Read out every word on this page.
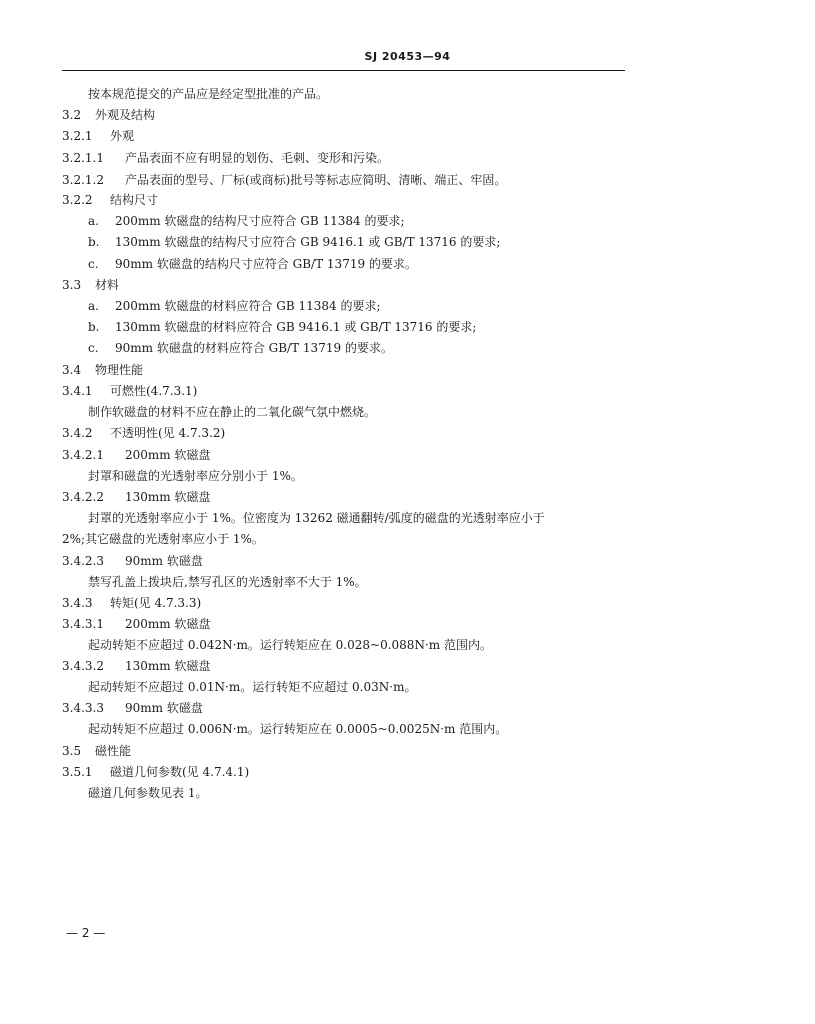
SJ 20453—94
按本规范提交的产品应是经定型批准的产品。
3.2 外观及结构
3.2.1 外观
3.2.1.1 产品表面不应有明显的划伤、毛刺、变形和污染。
3.2.1.2 产品表面的型号、厂标(或商标)批号等标志应简明、清晰、端正、牢固。
3.2.2 结构尺寸
a. 200mm 软磁盘的结构尺寸应符合 GB 11384 的要求;
b. 130mm 软磁盘的结构尺寸应符合 GB 9416.1 或 GB/T 13716 的要求;
c. 90mm 软磁盘的结构尺寸应符合 GB/T 13719 的要求。
3.3 材料
a. 200mm 软磁盘的材料应符合 GB 11384 的要求;
b. 130mm 软磁盘的材料应符合 GB 9416.1 或 GB/T 13716 的要求;
c. 90mm 软磁盘的材料应符合 GB/T 13719 的要求。
3.4 物理性能
3.4.1 可燃性(4.7.3.1)
制作软磁盘的材料不应在静止的二氧化碳气氛中燃烧。
3.4.2 不透明性(见 4.7.3.2)
3.4.2.1 200mm 软磁盘
封罩和磁盘的光透射率应分别小于 1%。
3.4.2.2 130mm 软磁盘
封罩的光透射率应小于 1%。位密度为 13262 磁通翻转/弧度的磁盘的光透射率应小于
2%;其它磁盘的光透射率应小于 1%。
3.4.2.3 90mm 软磁盘
禁写孔盖上拨块后,禁写孔区的光透射率不大于 1%。
3.4.3 转矩(见 4.7.3.3)
3.4.3.1 200mm 软磁盘
起动转矩不应超过 0.042N·m。运行转矩应在 0.028~0.088N·m 范围内。
3.4.3.2 130mm 软磁盘
起动转矩不应超过 0.01N·m。运行转矩不应超过 0.03N·m。
3.4.3.3 90mm 软磁盘
起动转矩不应超过 0.006N·m。运行转矩应在 0.0005~0.0025N·m 范围内。
3.5 磁性能
3.5.1 磁道几何参数(见 4.7.4.1)
磁道几何参数见表 1。
— 2 —
